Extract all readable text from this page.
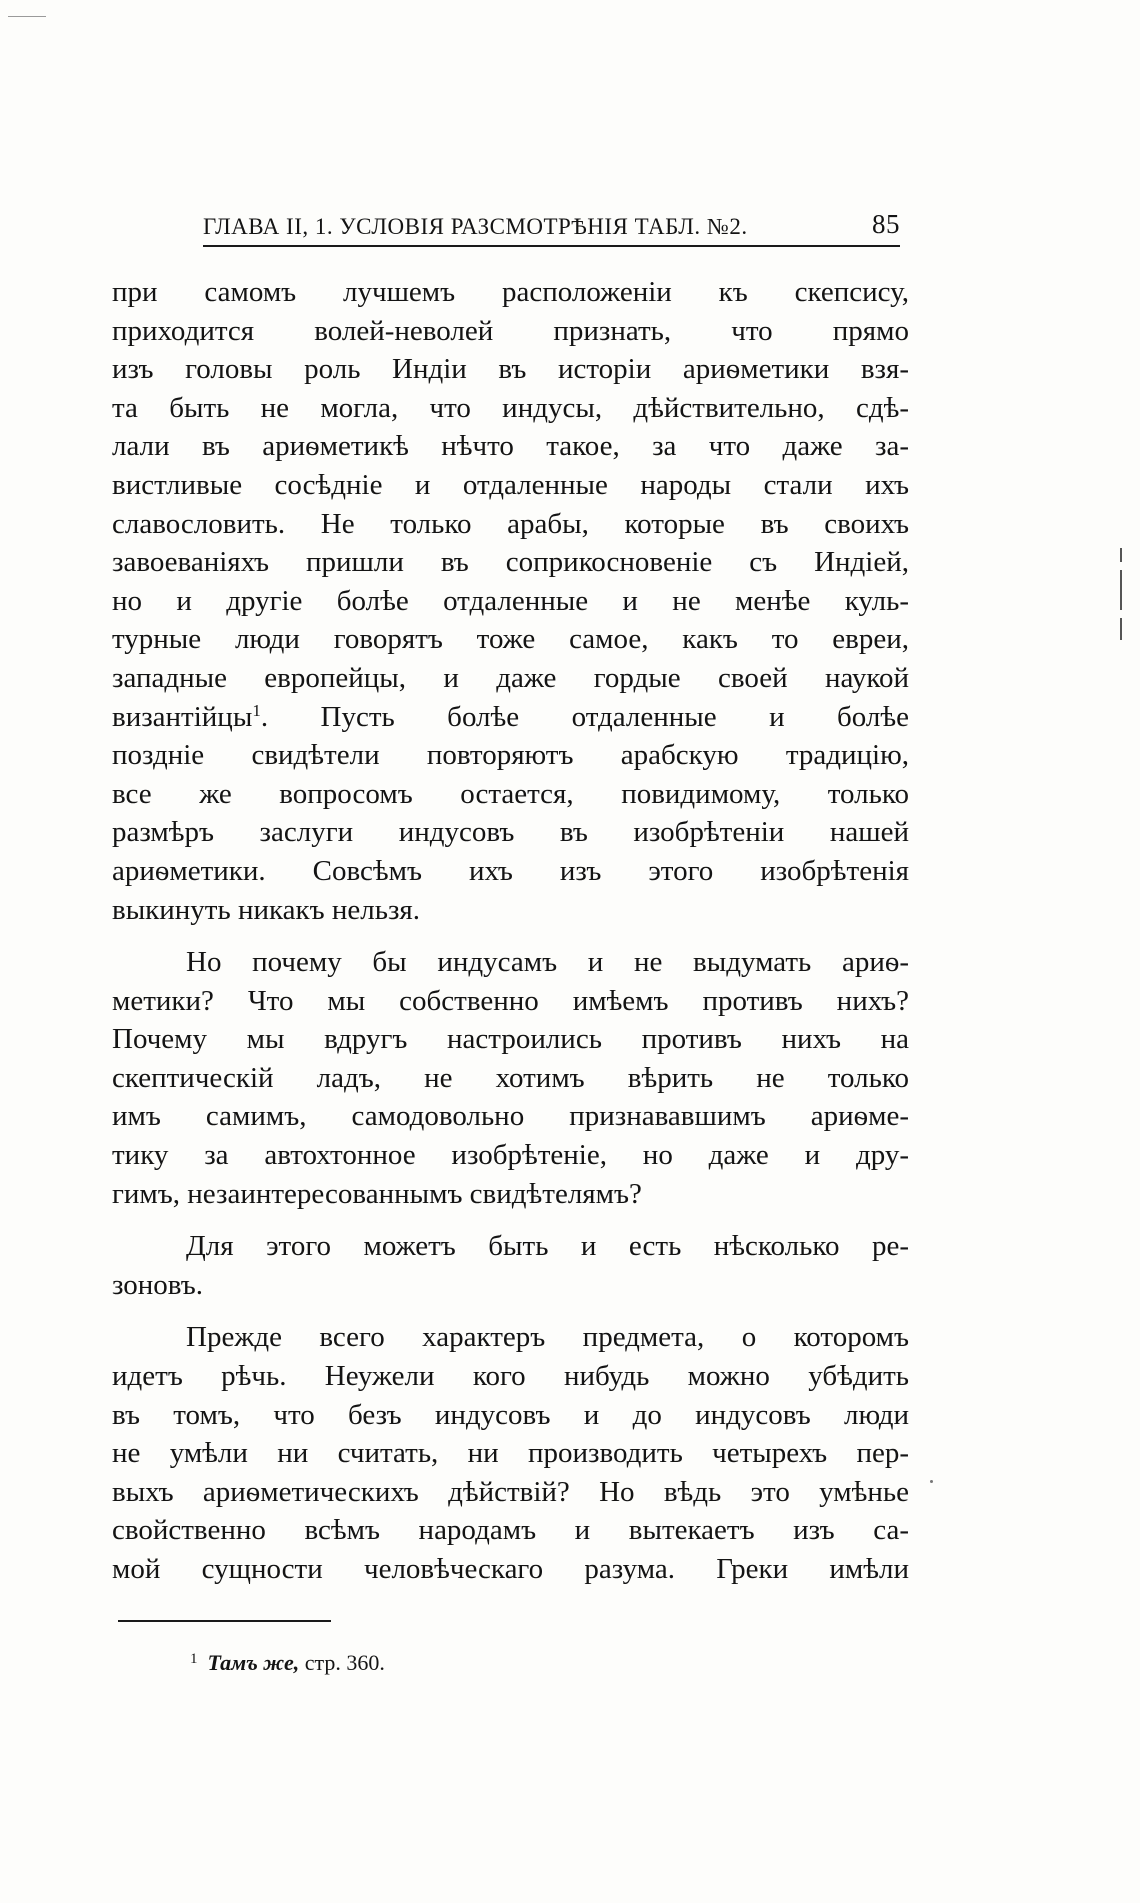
ГЛАВА II, 1. УСЛОВІЯ РАЗСМОТРѢНІЯ ТАБЛ. №2.	85

при самомъ лучшемъ расположеніи къ скепсису,

приходится волей-неволей признать, что прямо

изъ головы роль Индіи въ исторіи ариѳметики взя-

та быть не могла, что индусы, дѣйствительно, сдѣ-

лали въ ариѳметикѣ нѣчто такое, за что даже за-

вистливые сосѣдніе и отдаленные народы стали ихъ

славословить. Не только арабы, которые въ своихъ

завоеваніяхъ пришли въ соприкосновеніе съ Индіей,

но и другіе болѣе отдаленные и не менѣе куль-

турные люди говорятъ тоже самое, какъ то евреи,

западные европейцы, и даже гордые своей наукой

византійцы$^1$. Пусть болѣе отдаленные и болѣе

поздніе свидѣтели повторяютъ арабскую традицію,

все же вопросомъ остается, повидимому, только

размѣръ заслуги индусовъ въ изобрѣтеніи нашей

ариѳметики. Совсѣмъ ихъ изъ этого изобрѣтенія

выкинуть никакъ нельзя.

Но почему бы индусамъ и не выдумать ариѳ-

метики? Что мы собственно имѣемъ противъ нихъ?

Почему мы вдругъ настроились противъ нихъ на

скептическій ладъ, не хотимъ вѣрить не только

имъ самимъ, самодовольно признававшимъ ариѳме-

тику за автохтонное изобрѣтеніе, но даже и дру-

гимъ, незаинтересованнымъ свидѣтелямъ?

Для этого можетъ быть и есть нѣсколько ре-

зоновъ.

Прежде всего характеръ предмета, о которомъ

идетъ рѣчь. Неужели кого нибудь можно убѣдить

въ томъ, что безъ индусовъ и до индусовъ люди

не умѣли ни считать, ни производить четырехъ пер-

выхъ ариѳметическихъ дѣйствій? Но вѣдь это умѣнье

свойственно всѣмъ народамъ и вытекаетъ изъ са-

мой сущности человѣческаго разума. Греки имѣли

$^1$ Тамъ же, стр. 360.
